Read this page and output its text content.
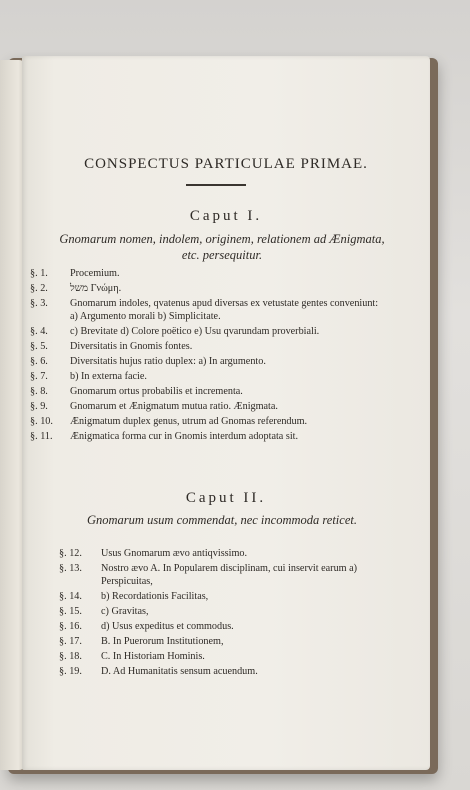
CONSPECTUS PARTICULAE PRIMAE.
Caput I.
Gnomarum nomen, indolem, originem, relationem ad Ænigmata, etc. persequitur.
§. 1.	Procemium.
§. 2.	משל Γνώμη.
§. 3.	Gnomarum indoles, qvatenus apud diversas ex vetustate gentes conveniunt: a) Argumento morali b) Simplicitate.
§. 4.	c) Brevitate d) Colore poëtico e) Usu qvarundam proverbiali.
§. 5.	Diversitatis in Gnomis fontes.
§. 6.	Diversitatis hujus ratio duplex: a) In argumento.
§. 7.	b) In externa facie.
§. 8.	Gnomarum ortus probabilis et incrementa.
§. 9.	Gnomarum et Ænigmatum mutua ratio. Ænigmata.
§. 10.	Ænigmatum duplex genus, utrum ad Gnomas referendum.
§. 11.	Ænigmatica forma cur in Gnomis interdum adoptata sit.
Caput II.
Gnomarum usum commendat, nec incommoda reticet.
§. 12.	Usus Gnomarum ævo antiqvissimo.
§. 13.	Nostro ævo A. In Popularem disciplinam, cui inservit earum a) Perspicuitas,
§. 14.	b) Recordationis Facilitas,
§. 15.	c) Gravitas,
§. 16.	d) Usus expeditus et commodus.
§. 17.	B. In Puerorum Institutionem,
§. 18.	C. In Historiam Hominis.
§. 19.	D. Ad Humanitatis sensum acuendum.
